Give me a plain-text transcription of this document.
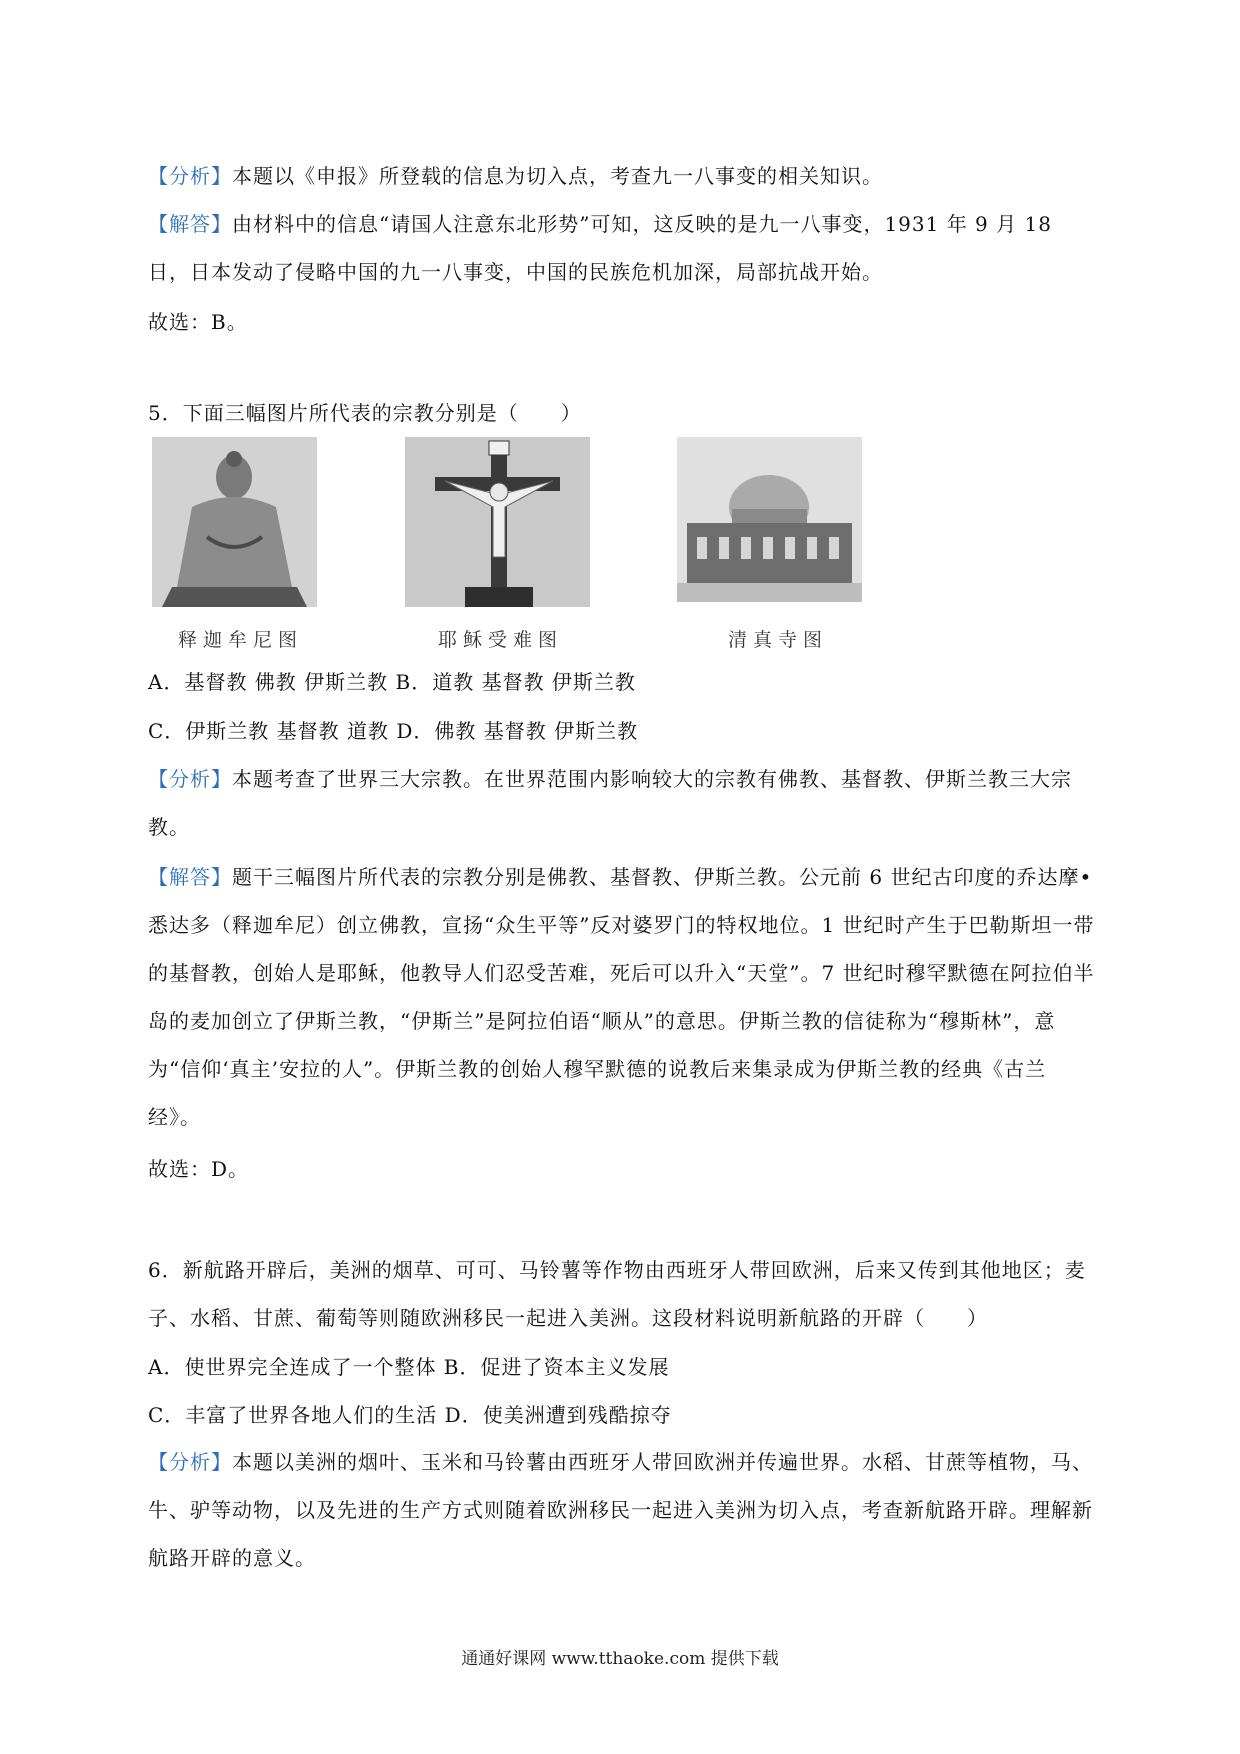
【分析】本题以《申报》所登载的信息为切入点，考查九一八事变的相关知识。

【解答】由材料中的信息“请国人注意东北形势”可知，这反映的是九一八事变，1931 年 9 月 18 日，日本发动了侵略中国的九一八事变，中国的民族危机加深，局部抗战开始。

故选：B。
5．下面三幅图片所代表的宗教分别是（　　）
释迦牟尼图	耶稣受难图	清真寺图
A．基督教 佛教 伊斯兰教 B．道教 基督教 伊斯兰教
C．伊斯兰教 基督教 道教 D．佛教 基督教 伊斯兰教

【分析】本题考查了世界三大宗教。在世界范围内影响较大的宗教有佛教、基督教、伊斯兰教三大宗教。

【解答】题干三幅图片所代表的宗教分别是佛教、基督教、伊斯兰教。公元前 6 世纪古印度的乔达摩•悉达多（释迦牟尼）创立佛教，宣扬“众生平等”反对婆罗门的特权地位。1 世纪时产生于巴勒斯坦一带的基督教，创始人是耶稣，他教导人们忍受苦难，死后可以升入“天堂”。7 世纪时穆罕默德在阿拉伯半岛的麦加创立了伊斯兰教，“伊斯兰”是阿拉伯语“顺从”的意思。伊斯兰教的信徒称为“穆斯林”，意为“信仰‘真主’安拉的人”。伊斯兰教的创始人穆罕默德的说教后来集录成为伊斯兰教的经典《古兰经》。

故选：D。

6．新航路开辟后，美洲的烟草、可可、马铃薯等作物由西班牙人带回欧洲，后来又传到其他地区；麦子、水稻、甘蔗、葡萄等则随欧洲移民一起进入美洲。这段材料说明新航路的开辟（　　）

A．使世界完全连成了一个整体 B．促进了资本主义发展
C．丰富了世界各地人们的生活 D．使美洲遭到残酷掠夺

【分析】本题以美洲的烟叶、玉米和马铃薯由西班牙人带回欧洲并传遍世界。水稻、甘蔗等植物，马、牛、驴等动物，以及先进的生产方式则随着欧洲移民一起进入美洲为切入点，考查新航路开辟。理解新航路开辟的意义。

通通好课网 www.tthaoke.com 提供下载
